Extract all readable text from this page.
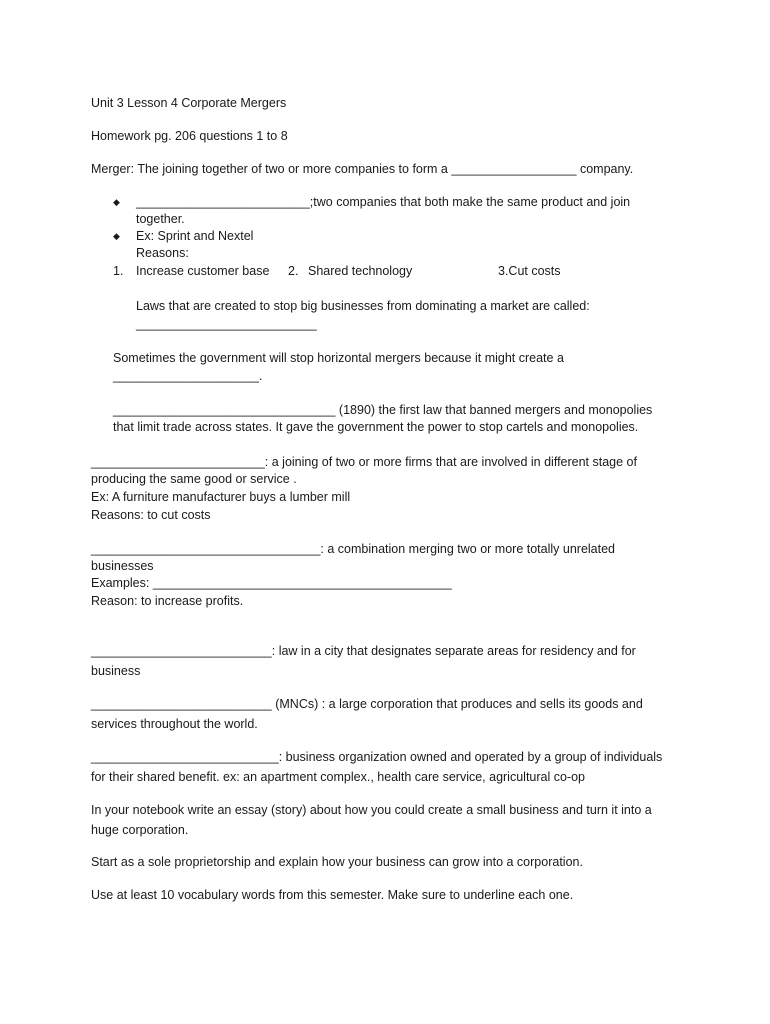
Unit 3 Lesson 4 Corporate Mergers
Homework pg. 206 questions 1 to 8
Merger: The joining together of two or more companies to form a __________________ company.
◆ _________________________;two companies that both make the same product and join
together.
◆ Ex: Sprint and Nextel
Reasons:
1. Increase customer base 2. Shared technology	3.Cut costs
Laws that are created to stop big businesses from dominating a market are called:
__________________________
Sometimes the government will stop horizontal mergers because it might create a
_____________________.
________________________________ (1890) the first law that banned mergers and monopolies
that limit trade across states. It gave the government the power to stop cartels and monopolies.
_________________________: a joining of two or more firms that are involved in different stage of
producing the same good or service .
Ex: A furniture manufacturer buys a lumber mill
Reasons: to cut costs
_________________________________: a combination merging two or more totally unrelated
businesses
Examples: ___________________________________________
Reason: to increase profits.
__________________________: law in a city that designates separate areas for residency and for
business
__________________________ (MNCs) : a large corporation that produces and sells its goods and
services throughout the world.
___________________________: business organization owned and operated by a group of individuals
for their shared benefit. ex: an apartment complex., health care service, agricultural co-op
In your notebook write an essay (story) about how you could create a small business and turn it into a
huge corporation.
Start as a sole proprietorship and explain how your business can grow into a corporation.
Use at least 10 vocabulary words from this semester. Make sure to underline each one.
